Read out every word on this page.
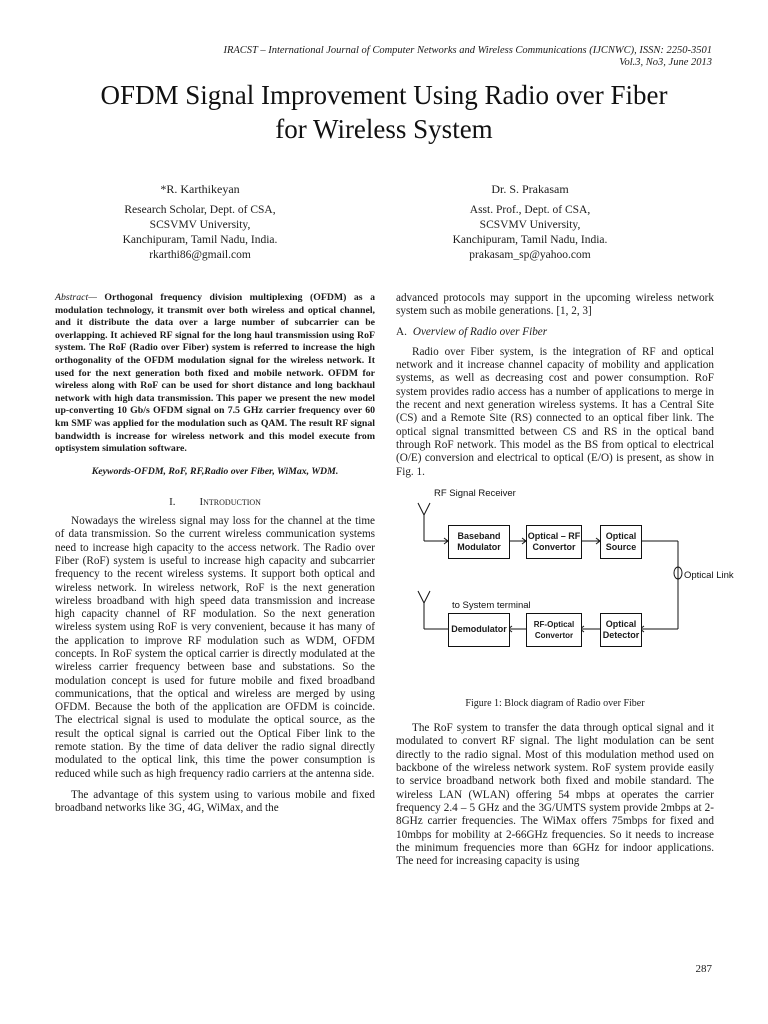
IRACST – International Journal of Computer Networks and Wireless Communications (IJCNWC), ISSN: 2250-3501
Vol.3, No3, June 2013
OFDM Signal Improvement Using Radio over Fiber
for Wireless System
*R. Karthikeyan
Research Scholar, Dept. of CSA,
SCSVMV University,
Kanchipuram, Tamil Nadu, India.
rkarthi86@gmail.com
Dr. S. Prakasam
Asst. Prof., Dept. of CSA,
SCSVMV University,
Kanchipuram, Tamil Nadu, India.
prakasam_sp@yahoo.com

Abstract— Orthogonal frequency division multiplexing (OFDM) as a modulation technology, it transmit over both wireless and optical channel, and it distribute the data over a large number of subcarrier can be overlapping. It achieved RF signal for the long haul transmission using RoF system. The RoF (Radio over Fiber) system is referred to increase the high orthogonality of the OFDM modulation signal for the wireless network. It used for the next generation both fixed and mobile network. OFDM for wireless along with RoF can be used for short distance and long backhaul network with high data transmission. This paper we present the new model up-converting 10 Gb/s OFDM signal on 7.5 GHz carrier frequency over 60 km SMF was applied for the modulation such as QAM. The result RF signal bandwidth is increase for wireless network and this model execute from optisystem simulation software.

Keywords-OFDM, RoF, RF,Radio over Fiber, WiMax, WDM.
I. Introduction

Nowadays the wireless signal may loss for the channel at the time of data transmission. So the current wireless communication systems need to increase high capacity to the access network. The Radio over Fiber (RoF) system is useful to increase high capacity and subcarrier frequency to the recent wireless systems. It support both optical and wireless network. In wireless network, RoF is the next generation wireless broadband with high speed data transmission and increase high capacity channel of RF modulation. So the next generation wireless system using RoF is very convenient, because it has many of the application to improve RF modulation such as WDM, OFDM concepts. In RoF system the optical carrier is directly modulated at the wireless carrier frequency between base and substations. So the modulation concept is used for future mobile and fixed broadband communications, that the optical and wireless are merged by using OFDM. Because the both of the application are OFDM is coincide. The electrical signal is used to modulate the optical source, as the result the optical signal is carried out the Optical Fiber link to the remote station. By the time of data deliver the radio signal directly modulated to the optical link, this time the power consumption is reduced while such as high frequency radio carriers at the antenna side.

The advantage of this system using to various mobile and fixed broadband networks like 3G, 4G, WiMax, and the

advanced protocols may support in the upcoming wireless network system such as mobile generations. [1, 2, 3]

A. Overview of Radio over Fiber

Radio over Fiber system, is the integration of RF and optical network and it increase channel capacity of mobility and application systems, as well as decreasing cost and power consumption. RoF system provides radio access has a number of applications to merge in the recent and next generation wireless systems. It has a Central Site (CS) and a Remote Site (RS) connected to an optical fiber link. The optical signal transmitted between CS and RS in the optical band through RoF network. This model as the BS from optical to electrical (O/E) conversion and electrical to optical (E/O) is present, as show in Fig. 1.

RF Signal Receiver
Baseband Modulator
Optical – RF Convertor
Optical Source
Optical Link
to System terminal
Demodulator	RF-Optical Convertor
Optical Detector
Figure 1: Block diagram of Radio over Fiber

The RoF system to transfer the data through optical signal and it modulated to convert RF signal. The light modulation can be sent directly to the radio signal. Most of this modulation method used on backbone of the wireless network system. RoF system provide easily to service broadband network both fixed and mobile standard. The wireless LAN (WLAN) offering 54 mbps at operates the carrier frequency 2.4 – 5 GHz and the 3G/UMTS system provide 2mbps at 2-8GHz carrier frequencies. The WiMax offers 75mbps for fixed and 10mbps for mobility at 2-66GHz frequencies. So it needs to increase the minimum frequencies more than 6GHz for indoor applications. The need for increasing capacity is using

287
